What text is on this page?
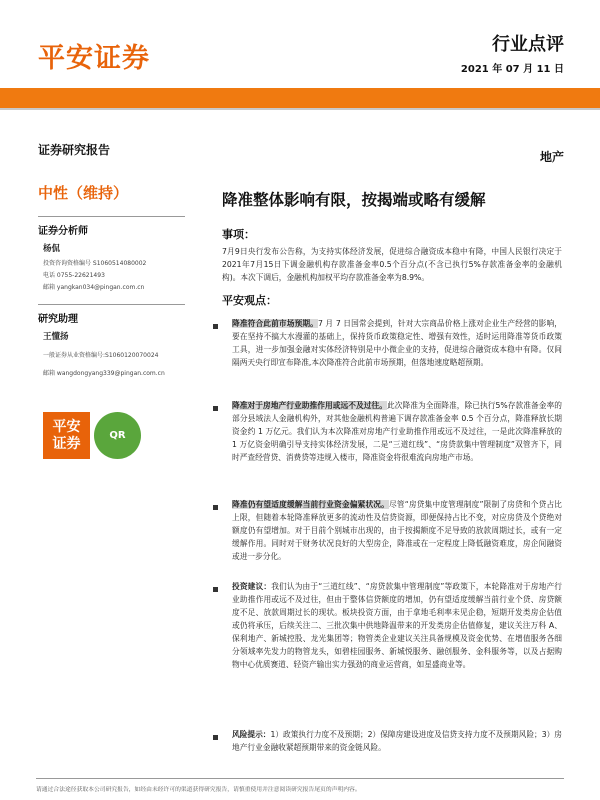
平安证券	行业点评
2021 年 07 月 11 日
证券研究报告	地产
中性（维持）
证券分析师
杨侃
投资咨询资格编号 S1060514080002
电话 0755-22621493
邮箱 yangkan034@pingan.com.cn
研究助理
王懂扬
一般证券从业资格编号:S1060120070024
邮箱 wangdongyang339@pingan.com.cn
平安
证券	QR
降准整体影响有限，按揭端或略有缓解
事项：
7月9日央行发布公告称，为支持实体经济发展，促进综合融资成本稳中有降，中国人民银行决定于2021年7月15日下调金融机构存款准备金率0.5个百分点(不含已执行5%存款准备金率的金融机构)。本次下调后，金融机构加权平均存款准备金率为8.9%。
平安观点：
降准符合此前市场预期。7 月 7 日国常会提到，针对大宗商品价格上涨对企业生产经营的影响，要在坚持不搞大水漫灌的基础上，保持货币政策稳定性、增强有效性，适时运用降准等货币政策工具，进一步加强金融对实体经济特别是中小微企业的支持，促进综合融资成本稳中有降。仅间隔两天央行即宣布降准,本次降准符合此前市场预期，但落地速度略超预期。
降准对于房地产行业助推作用或远不及过往。此次降准为全面降准，除已执行5%存款准备金率的部分县域法人金融机构外，对其他金融机构普遍下调存款准备金率 0.5 个百分点，降准释放长期资金约 1 万亿元。我们认为本次降准对房地产行业助推作用或远不及过往，一是此次降准释放的 1 万亿资金明确引导支持实体经济发展，二是“三道红线”、“房贷款集中管理制度”双管齐下，同时严查经营贷、消费贷等违规入楼市，降准资金将很难流向房地产市场。
降准仍有望适度缓解当前行业资金偏紧状况。尽管“房贷集中度管理制度”限制了房贷和个贷占比上限，但随着本轮降准释放更多的流动性及信贷资源，即便保持占比不变，对应房贷及个贷绝对额度仍有望增加。对于目前个别城市出现的，由于按揭额度不足导致的放款周期过长，或有一定缓解作用。同时对于财务状况良好的大型房企，降准或在一定程度上降低融资难度，房企间融资或进一步分化。
投资建议：我们认为由于“三道红线”、“房贷款集中管理制度”等政策下，本轮降准对于房地产行业助推作用或远不及过往，但由于整体信贷额度的增加，仍有望适度缓解当前行业个贷、房贷额度不足、放款周期过长的现状。板块投资方面，由于拿地毛利率未见企稳，短期开发类房企估值或仍将承压，后续关注二、三批次集中供地降温带来的开发类房企估值修复，建议关注万科 A、保利地产、新城控股、龙光集团等；物管类企业建议关注具备规模及资金优势、在增值服务各细分领域率先发力的物管龙头，如碧桂园服务、新城悦服务、融创服务、金科服务等，以及占据购物中心优质赛道、轻资产输出实力强劲的商业运营商，如星盛商业等。
风险提示：1）政策执行力度不及预期；2）保障房建设进度及信贷支持力度不及预期风险；3）房地产行业金融收紧超预期带来的资金链风险。
请通过合法途径获取本公司研究报告，如经由未经许可的渠道获得研究报告，请慎重使用并注意阅读研究报告尾页的声明内容。
